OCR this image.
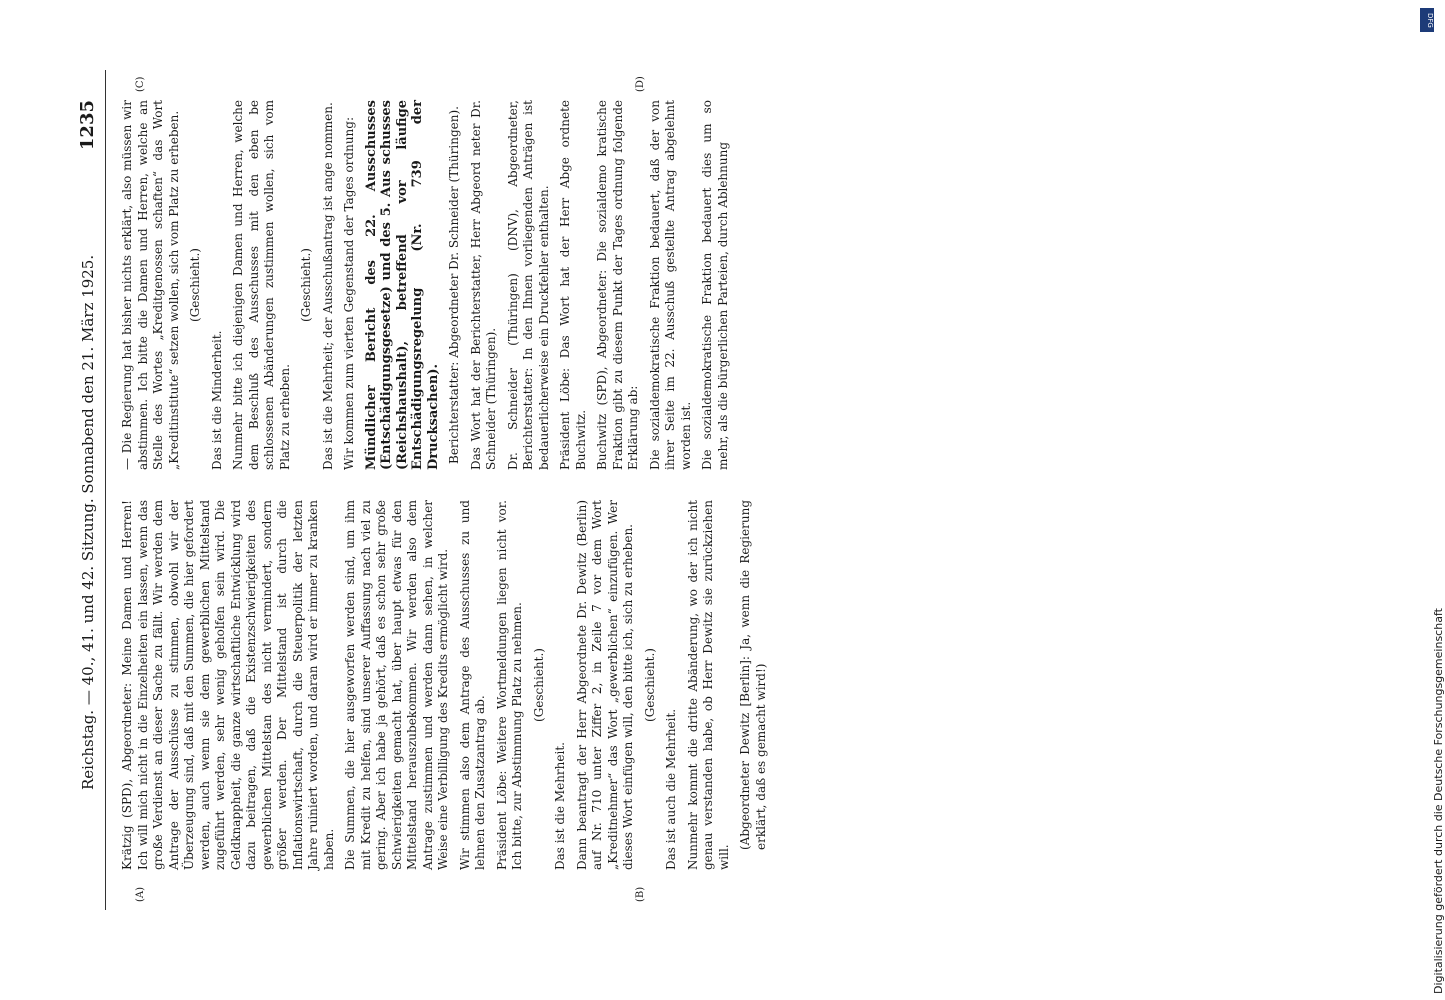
Reichstag. — 40., 41. und 42. Sitzung. Sonnabend den 21. März 1925.
1235
(A)	(B)
(C)	(D)

Krätzig (SPD), Abgeordneter: Meine Damen und Herren! Ich will mich nicht in die Einzelheiten ein lassen, wenn das große Verdienst an dieser Sache zu fällt. Wir werden dem Antrage der Ausschüsse zu stimmen, obwohl wir der Überzeugung sind, daß mit den Summen, die hier gefordert werden, auch wenn sie dem gewerblichen Mittelstand zugeführt werden, sehr wenig geholfen sein wird. Die Geldknappheit, die ganze wirtschaftliche Entwicklung wird dazu beitragen, daß die Existenzschwierigkeiten des gewerblichen Mittelstan des nicht vermindert, sondern größer werden. Der Mittelstand ist durch die Inflationswirtschaft, durch die Steuerpolitik der letzten Jahre ruiniert worden, und daran wird er immer zu kranken haben. Die Summen, die hier ausgeworfen werden sind, um ihm mit Kredit zu helfen, sind unserer Auffassung nach viel zu gering. Aber ich habe ja gehört, daß es schon sehr große Schwierigkeiten gemacht hat, über haupt etwas für den Mittelstand herauszubekommen. Wir werden also dem Antrage zustimmen und werden dann sehen, in welcher Weise eine Verbilligung des Kredits ermöglicht wird. Wir stimmen also dem Antrage des Ausschusses zu und lehnen den Zusatzantrag ab. Präsident Löbe: Weitere Wortmeldungen liegen nicht vor. Ich bitte, zur Abstimmung Platz zu nehmen. (Geschieht.)

Das ist die Mehrheit. Dann beantragt der Herr Abgeordnete Dr. Dewitz (Berlin) auf Nr. 710 unter Ziffer 2, in Zeile 7 vor dem Wort „Kreditnehmer“ das Wort „gewerblichen“ einzufügen. Wer dieses Wort einfügen will, den bitte ich, sich zu erheben. (Geschieht.)

Das ist auch die Mehrheit. Nunmehr kommt die dritte Abänderung, wo der ich nicht genau verstanden habe, ob Herr Dewitz sie zurückziehen will.

(Abgeordneter Dewitz [Berlin]: Ja, wenn die Regierung erklärt, daß es gemacht wird!)

— Die Regierung hat bisher nichts erklärt, also müssen wir abstimmen. Ich bitte die Damen und Herren, welche an Stelle des Wortes „Kreditgenossen schaften“ das Wort „Kreditinstitute“ setzen wollen, sich vom Platz zu erheben. (Geschieht.)

Das ist die Minderheit. Nunmehr bitte ich diejenigen Damen und Herren, welche dem Beschluß des Ausschusses mit den eben be schlossenen Abänderungen zustimmen wollen, sich vom Platz zu erheben.

(Geschieht.) Das ist die Mehrheit; der Ausschußantrag ist ange nommen. Wir kommen zum vierten Gegenstand der Tages ordnung: Mündlicher Bericht des 22. Ausschusses (Entschädigungsgesetze) und des 5. Aus schusses (Reichshaushalt), betreffend vor läufige Entschädigungsregelung (Nr. 739 der Drucksachen). Berichterstatter: Abgeordneter Dr. Schneider (Thüringen). Das Wort hat der Berichterstatter, Herr Abgeord neter Dr. Schneider (Thüringen). Dr. Schneider (Thüringen) (DNV), Abgeordneter, Berichterstatter: In den Ihnen vorliegenden Anträgen ist bedauerlicherweise ein Druckfehler enthalten. Präsident Löbe: Das Wort hat der Herr Abge ordnete Buchwitz. Buchwitz (SPD), Abgeordneter: Die sozialdemo kratische Fraktion gibt zu diesem Punkt der Tages ordnung folgende Erklärung ab: Die sozialdemokratische Fraktion bedauert, daß der von ihrer Seite im 22. Ausschuß gestellte Antrag abgelehnt worden ist. Die sozialdemokratische Fraktion bedauert dies um so mehr, als die bürgerlichen Parteien, durch Ablehnung

DFG
Digitalisierung gefördert durch die Deutsche Forschungsgemeinschaft
